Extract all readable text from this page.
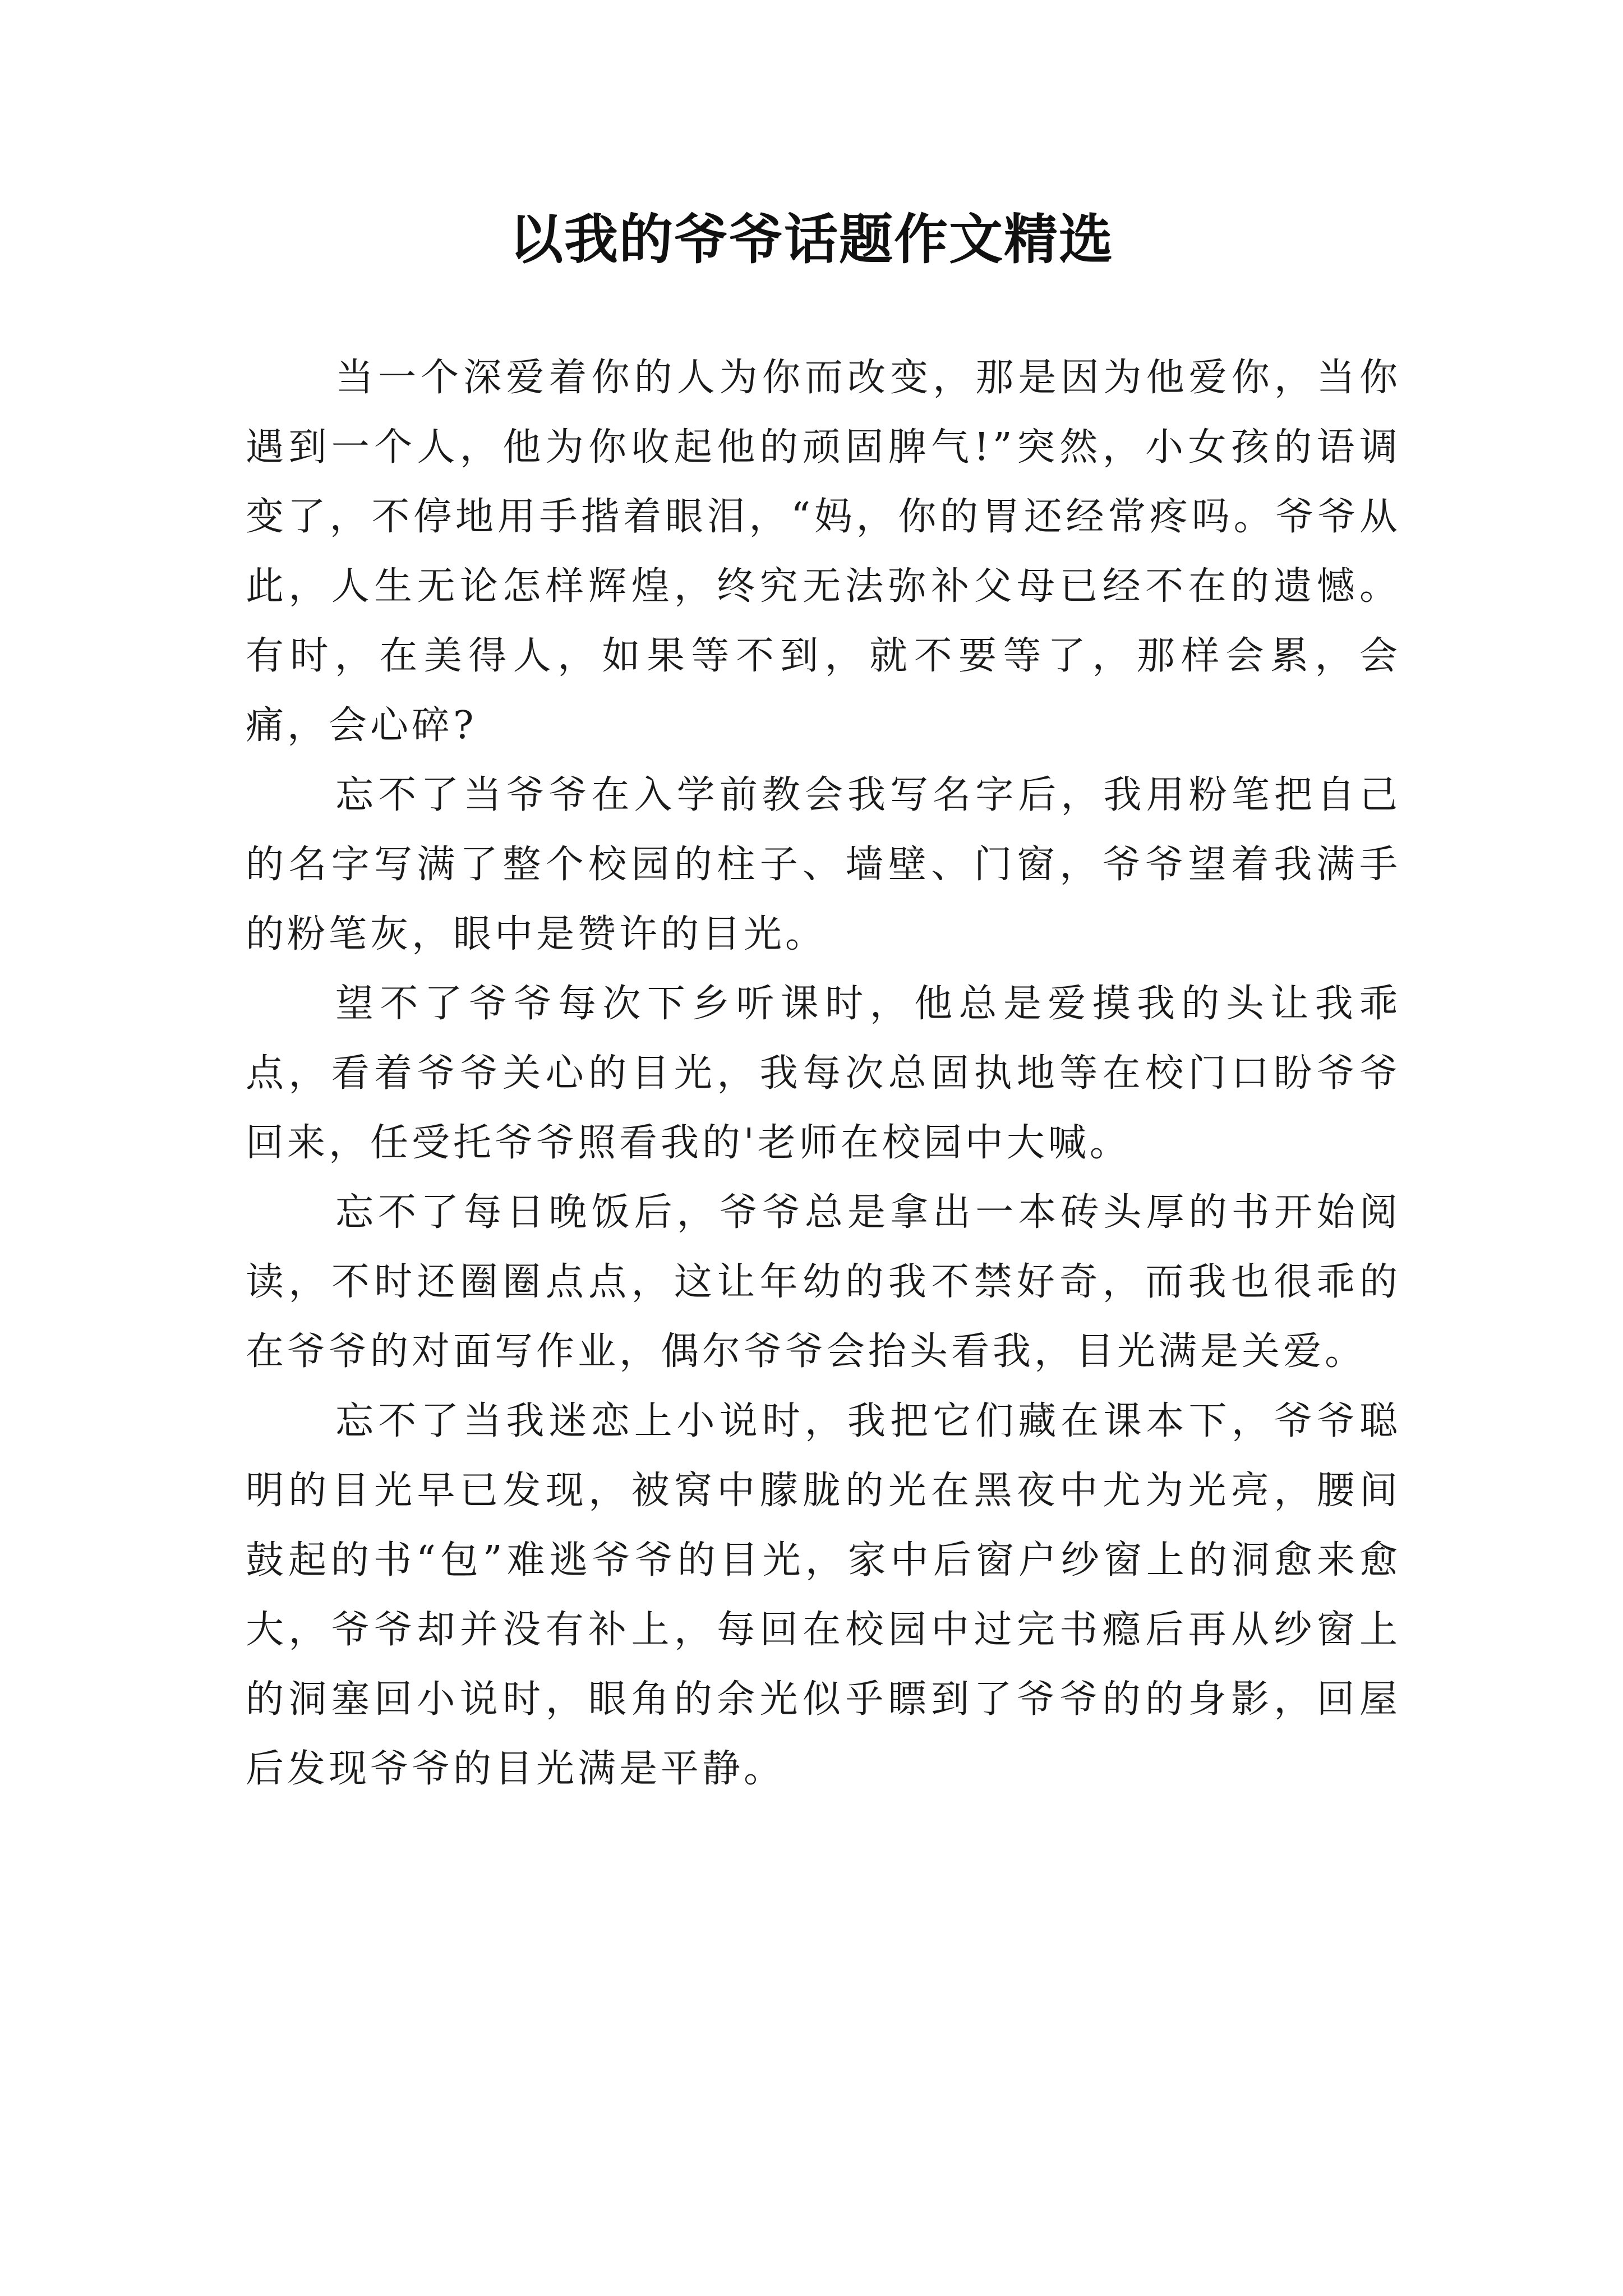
以我的爷爷话题作文精选

当一个深爱着你的人为你而改变，那是因为他爱你，当你遇到一个人，他为你收起他的顽固脾气!”突然，小女孩的语调变了，不停地用手揩着眼泪，“妈，你的胃还经常疼吗。爷爷从此，人生无论怎样辉煌，终究无法弥补父母已经不在的遗憾。 有时，在美得人，如果等不到，就不要等了，那样会累，会痛，会心碎?

忘不了当爷爷在入学前教会我写名字后，我用粉笔把自己的名字写满了整个校园的柱子、墙壁、门窗，爷爷望着我满手的粉笔灰，眼中是赞许的目光。

望不了爷爷每次下乡听课时，他总是爱摸我的头让我乖点，看着爷爷关心的目光，我每次总固执地等在校门口盼爷爷回来，任受托爷爷照看我的'老师在校园中大喊。

忘不了每日晚饭后，爷爷总是拿出一本砖头厚的书开始阅读，不时还圈圈点点，这让年幼的我不禁好奇，而我也很乖的在爷爷的对面写作业，偶尔爷爷会抬头看我，目光满是关爱。

忘不了当我迷恋上小说时，我把它们藏在课本下，爷爷聪明的目光早已发现，被窝中朦胧的光在黑夜中尤为光亮，腰间鼓起的书“包”难逃爷爷的目光，家中后窗户纱窗上的洞愈来愈大，爷爷却并没有补上，每回在校园中过完书瘾后再从纱窗上的洞塞回小说时，眼角的余光似乎瞟到了爷爷的的身影，回屋后发现爷爷的目光满是平静。
